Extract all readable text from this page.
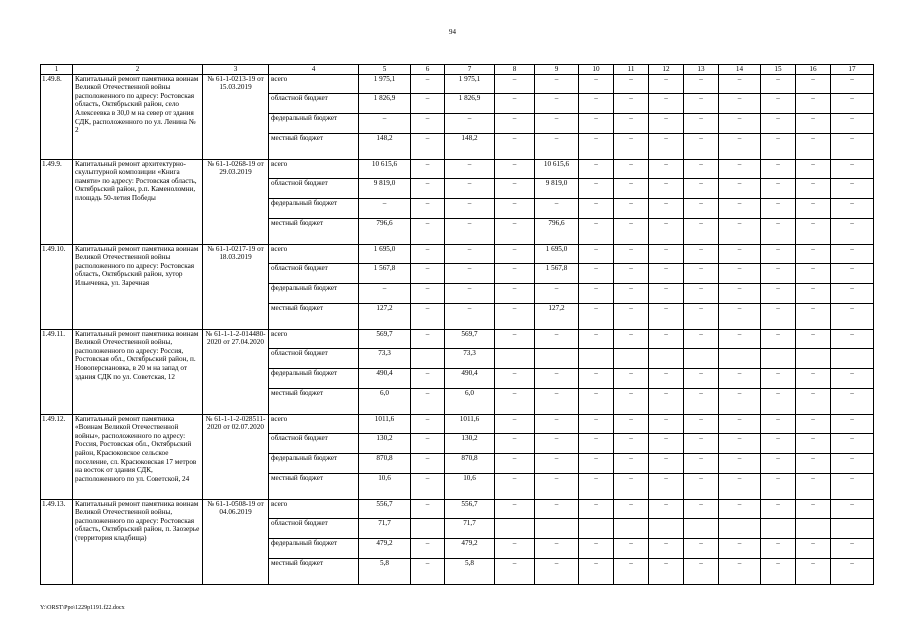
94
1	2	3	4	5	6	7	8	9	10	11	12	13	14	15	16	17
1.49.8.	Капитальный ремонт памятника воинам Великой Отечественной войны расположенного по адресу: Ростовская область, Октябрьский район, село Алексеевка в 30,0 м на север от здания СДК, расположенного по ул. Ленина № 2	№ 61-1-0213-19 от 15.03.2019	всего	1 975,1	–	1 975,1	–	–	–	–	–	–	–	–	–	–
			областной бюджет	1 826,9	–	1 826,9	–	–	–	–	–	–	–	–	–	–
			федеральный бюджет	–	–	–	–	–	–	–	–	–	–	–	–	–
			местный бюджет	148,2	–	148,2	–	–	–	–	–	–	–	–	–	–
1.49.9.	Капитальный ремонт архитектурно-скульптурной композиции «Книга памяти» по адресу: Ростовская область, Октябрьский район, р.п. Каменоломни, площадь 50-летия Победы	№ 61-1-0268-19 от 29.03.2019	всего	10 615,6	–	–	–	10 615,6	–	–	–	–	–	–	–	–
			областной бюджет	9 819,0	–	–	–	9 819,0	–	–	–	–	–	–	–	–
			федеральный бюджет	–	–	–	–	–	–	–	–	–	–	–	–	–
			местный бюджет	796,6	–	–	–	796,6	–	–	–	–	–	–	–	–
1.49.10.	Капитальный ремонт памятника воинам Великой Отечественной войны расположенного по адресу: Ростовская область, Октябрьский район, хутор Ильичевка, ул. Заречная	№ 61-1-0217-19 от 18.03.2019	всего	1 695,0	–	–	–	1 695,0	–	–	–	–	–	–	–	–
			областной бюджет	1 567,8	–	–	–	1 567,8	–	–	–	–	–	–	–	–
			федеральный бюджет	–	–	–	–	–	–	–	–	–	–	–	–	–
			местный бюджет	127,2	–	–	–	127,2	–	–	–	–	–	–	–	–
1.49.11.	Капитальный ремонт памятника воинам Великой Отечественной войны, расположенного по адресу: Россия, Ростовская обл., Октябрьский район, п. Новоперсиановка, в 20 м на запад от здания СДК по ул. Советская, 12	№ 61-1-1-2-014480-2020 от 27.04.2020	всего	569,7	–	569,7	–	–	–	–	–	–	–	–	–	–
			областной бюджет	73,3		73,3										
			федеральный бюджет	490,4	–	490,4	–	–	–	–	–	–	–	–	–	–
			местный бюджет	6,0	–	6,0	–	–	–	–	–	–	–	–	–	–
1.49.12.	Капитальный ремонт памятника «Воинам Великой Отечественной войны», расположенного по адресу: Россия, Ростовская обл., Октябрьский район, Красюковское сельское поселение, сл. Красюковская 17 метров на восток от здания СДК, расположенного по ул. Советской, 24	№ 61-1-1-2-028511-2020 от 02.07.2020	всего	1011,6	–	1011,6	–	–	–	–	–	–	–	–	–	–
			областной бюджет	130,2	–	130,2	–	–	–	–	–	–	–	–	–	–
			федеральный бюджет	870,8	–	870,8	–	–	–	–	–	–	–	–	–	–
			местный бюджет	10,6	–	10,6	–	–	–	–	–	–	–	–	–	–
1.49.13.	Капитальный ремонт памятника воинам Великой Отечественной войны, расположенного по адресу: Ростовская область, Октябрьский район, п. Заозерье (территория кладбища)	№ 61-1-0508-19 от 04.06.2019	всего	556,7	–	556,7	–	–	–	–	–	–	–	–	–	–
			областной бюджет	71,7		71,7										
			федеральный бюджет	479,2	–	479,2	–	–	–	–	–	–	–	–	–	–
			местный бюджет	5,8	–	5,8	–	–	–	–	–	–	–	–	–	–
Y:\ORST\Ppo\1229p1191.f22.docx
